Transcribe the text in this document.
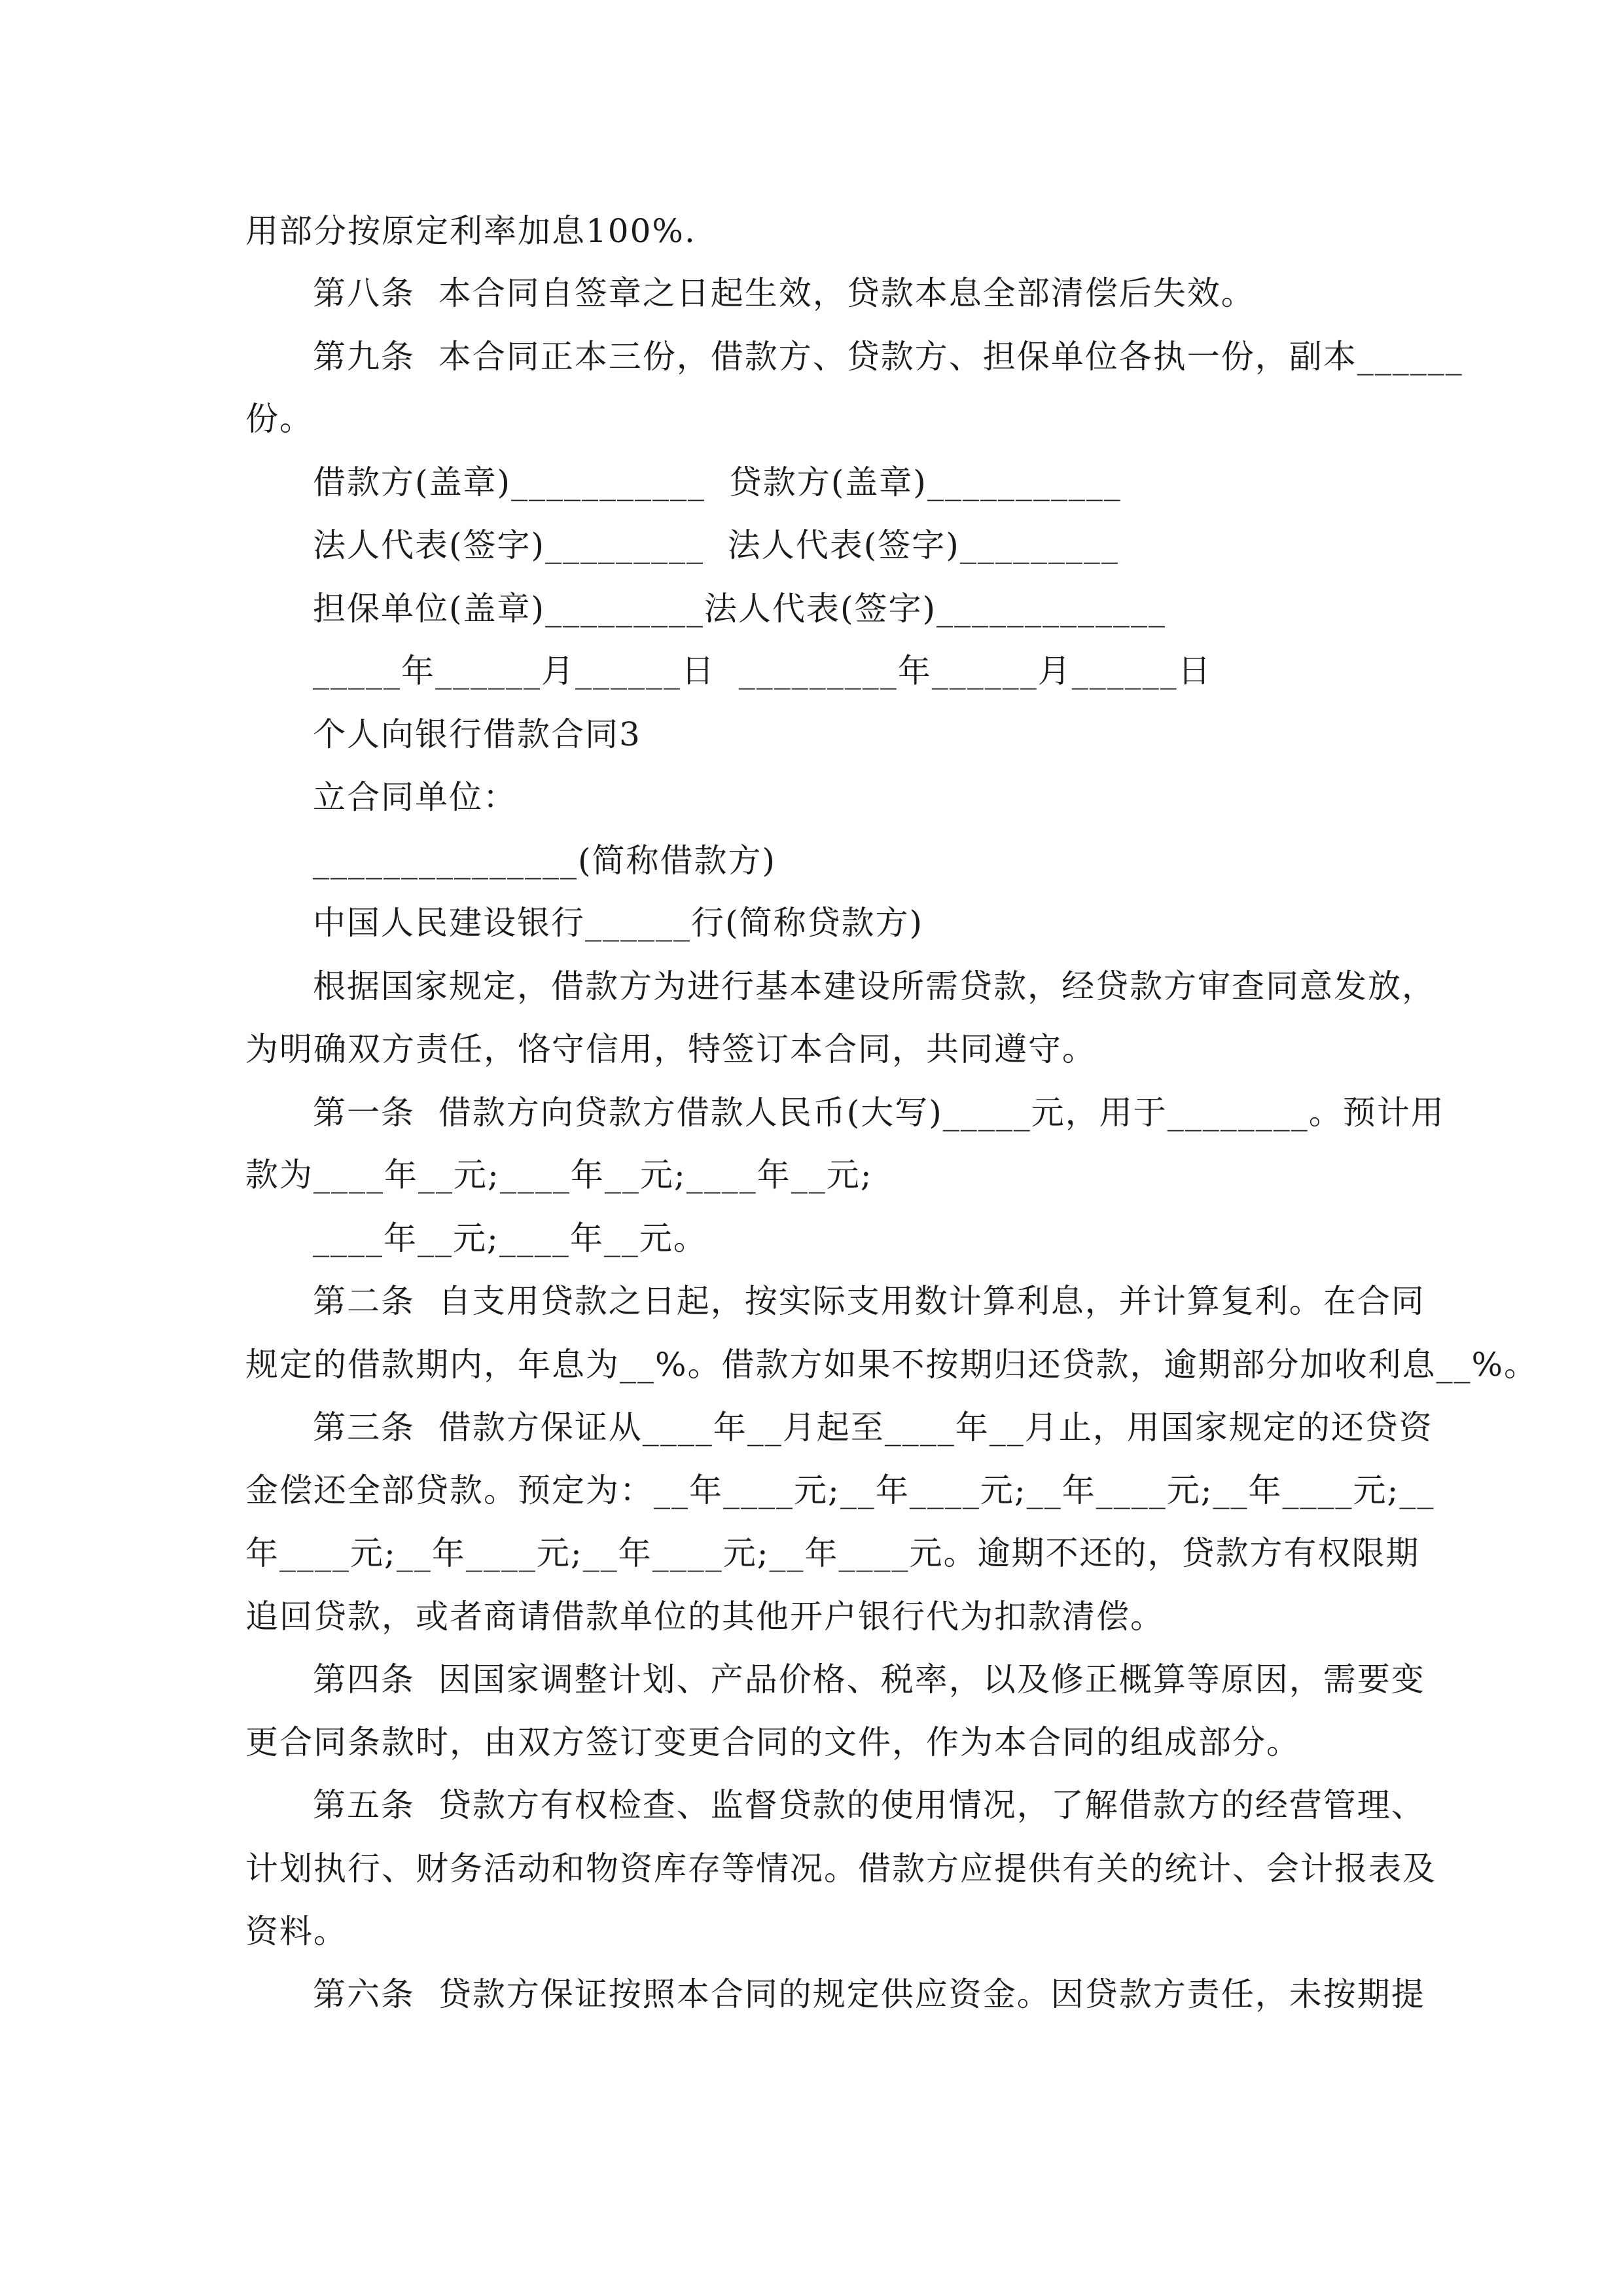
用部分按原定利率加息100%.
第八条  本合同自签章之日起生效，贷款本息全部清偿后失效。
第九条  本合同正本三份，借款方、贷款方、担保单位各执一份，副本______
份。
借款方(盖章)___________  贷款方(盖章)___________
法人代表(签字)_________  法人代表(签字)_________
担保单位(盖章)_________法人代表(签字)_____________
_____年______月______日  _________年______月______日
个人向银行借款合同3
立合同单位：
_______________(简称借款方)
中国人民建设银行______行(简称贷款方)
根据国家规定，借款方为进行基本建设所需贷款，经贷款方审查同意发放，
为明确双方责任，恪守信用，特签订本合同，共同遵守。
第一条  借款方向贷款方借款人民币(大写)_____元，用于________。预计用
款为____年__元;____年__元;____年__元;
____年__元;____年__元。
第二条  自支用贷款之日起，按实际支用数计算利息，并计算复利。在合同
规定的借款期内，年息为__%。借款方如果不按期归还贷款，逾期部分加收利息__%。
第三条  借款方保证从____年__月起至____年__月止，用国家规定的还贷资
金偿还全部贷款。预定为：__年____元;__年____元;__年____元;__年____元;__
年____元;__年____元;__年____元;__年____元。逾期不还的，贷款方有权限期
追回贷款，或者商请借款单位的其他开户银行代为扣款清偿。
第四条  因国家调整计划、产品价格、税率，以及修正概算等原因，需要变
更合同条款时，由双方签订变更合同的文件，作为本合同的组成部分。
第五条  贷款方有权检查、监督贷款的使用情况，了解借款方的经营管理、
计划执行、财务活动和物资库存等情况。借款方应提供有关的统计、会计报表及
资料。
第六条  贷款方保证按照本合同的规定供应资金。因贷款方责任，未按期提
